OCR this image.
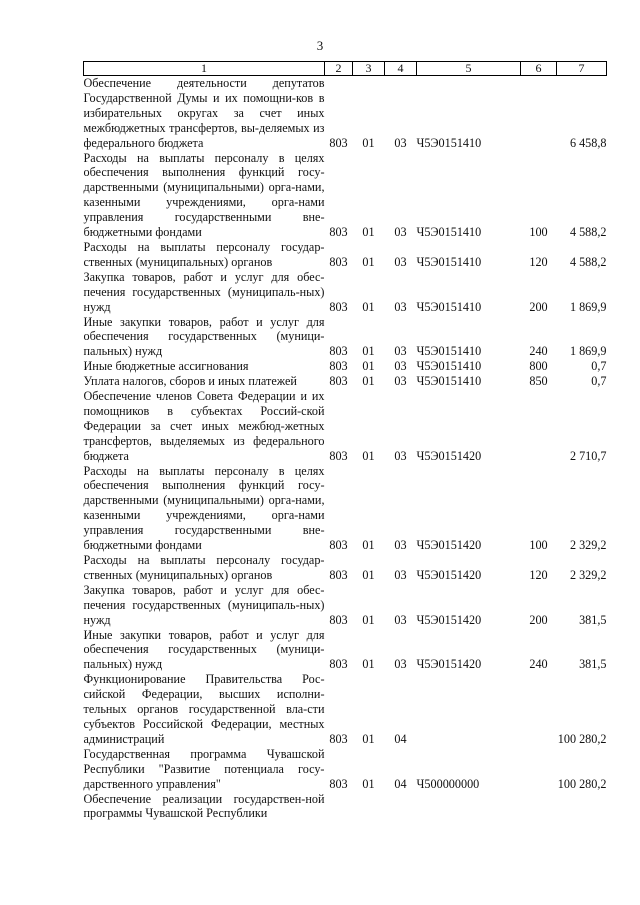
3
1	2	3	4	5	6	7
Обеспечение деятельности депутатов Государственной Думы и их помощни-ков в избирательных округах за счет иных межбюджетных трансфертов, вы-деляемых из федерального бюджета	803	01	03	Ч5Э0151410		6 458,8
Расходы на выплаты персоналу в целях обеспечения выполнения функций госу-дарственными (муниципальными) орга-нами, казенными учреждениями, орга-нами управления государственными вне-бюджетными фондами	803	01	03	Ч5Э0151410	100	4 588,2
Расходы на выплаты персоналу государ-ственных (муниципальных) органов	803	01	03	Ч5Э0151410	120	4 588,2
Закупка товаров, работ и услуг для обес-печения государственных (муниципаль-ных) нужд	803	01	03	Ч5Э0151410	200	1 869,9
Иные закупки товаров, работ и услуг для обеспечения государственных (муници-пальных) нужд	803	01	03	Ч5Э0151410	240	1 869,9
Иные бюджетные ассигнования	803	01	03	Ч5Э0151410	800	0,7
Уплата налогов, сборов и иных платежей	803	01	03	Ч5Э0151410	850	0,7
Обеспечение членов Совета Федерации и их помощников в субъектах Россий-ской Федерации за счет иных межбюд-жетных трансфертов, выделяемых из федерального бюджета	803	01	03	Ч5Э0151420		2 710,7
Расходы на выплаты персоналу в целях обеспечения выполнения функций госу-дарственными (муниципальными) орга-нами, казенными учреждениями, орга-нами управления государственными вне-бюджетными фондами	803	01	03	Ч5Э0151420	100	2 329,2
Расходы на выплаты персоналу государ-ственных (муниципальных) органов	803	01	03	Ч5Э0151420	120	2 329,2
Закупка товаров, работ и услуг для обес-печения государственных (муниципаль-ных) нужд	803	01	03	Ч5Э0151420	200	381,5
Иные закупки товаров, работ и услуг для обеспечения государственных (муници-пальных) нужд	803	01	03	Ч5Э0151420	240	381,5
Функционирование Правительства Рос-сийской Федерации, высших исполни-тельных органов государственной вла-сти субъектов Российской Федерации, местных администраций	803	01	04			100 280,2
Государственная программа Чувашской Республики "Развитие потенциала госу-дарственного управления"	803	01	04	Ч500000000		100 280,2
Обеспечение реализации государствен-ной программы Чувашской Республики						
